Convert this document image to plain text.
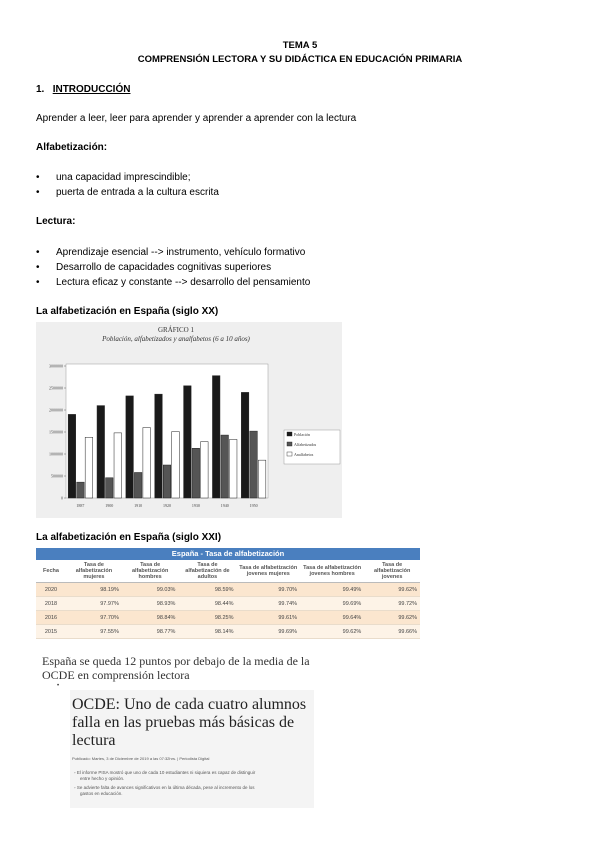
TEMA 5
COMPRENSIÓN LECTORA Y SU DIDÁCTICA EN EDUCACIÓN PRIMARIA
1. INTRODUCCIÓN
Aprender a leer, leer para aprender y aprender a aprender con la lectura
Alfabetización:
• una capacidad imprescindible;
• puerta de entrada a la cultura escrita
Lectura:
• Aprendizaje esencial --> instrumento, vehículo formativo
• Desarrollo de capacidades cognitivas superiores
• Lectura eficaz y constante --> desarrollo del pensamiento
La alfabetización en España (siglo XX)
GRÁFICO 1
Población, alfabetizados y analfabetos (6 a 10 años)
0
500000
1000000
1500000
2000000
2500000
3000000
1887	1900	1910	1920	1930	1940	1950
Población
Alfabetizados
Analfabetos
La alfabetización en España (siglo XXI)
España - Tasa de alfabetización
Fecha	Tasa de alfabetización mujeres	Tasa de alfabetización hombres	Tasa de alfabetización de adultos	Tasa de alfabetización jovenes mujeres	Tasa de alfabetización jovenes hombres	Tasa de alfabetización jovenes
2020	98.19%	99.03%	98.59%	99.70%	99.49%	99.62%
2018	97.97%	98.93%	98.44%	99.74%	99.69%	99.72%
2016	97.70%	98.84%	98.25%	99.61%	99.64%	99.62%
2015	97.55%	98.77%	98.14%	99.69%	99.62%	99.66%
España se queda 12 puntos por debajo de la media de la
OCDE en comprensión lectora
•
OCDE: Uno de cada cuatro alumnos
falla en las pruebas más básicas de
lectura
Publicado: Martes, 3 de Diciembre de 2019 a las 07:32hrs. | Periodista Digital
◦ El informe PISA mostró que uno de cada 10 estudiantes ni siquiera es capaz de distinguir
entre hecho y opinión.
◦ Se advierte falta de avances significativos en la última década, pese al incremento de los
gastos en educación.
